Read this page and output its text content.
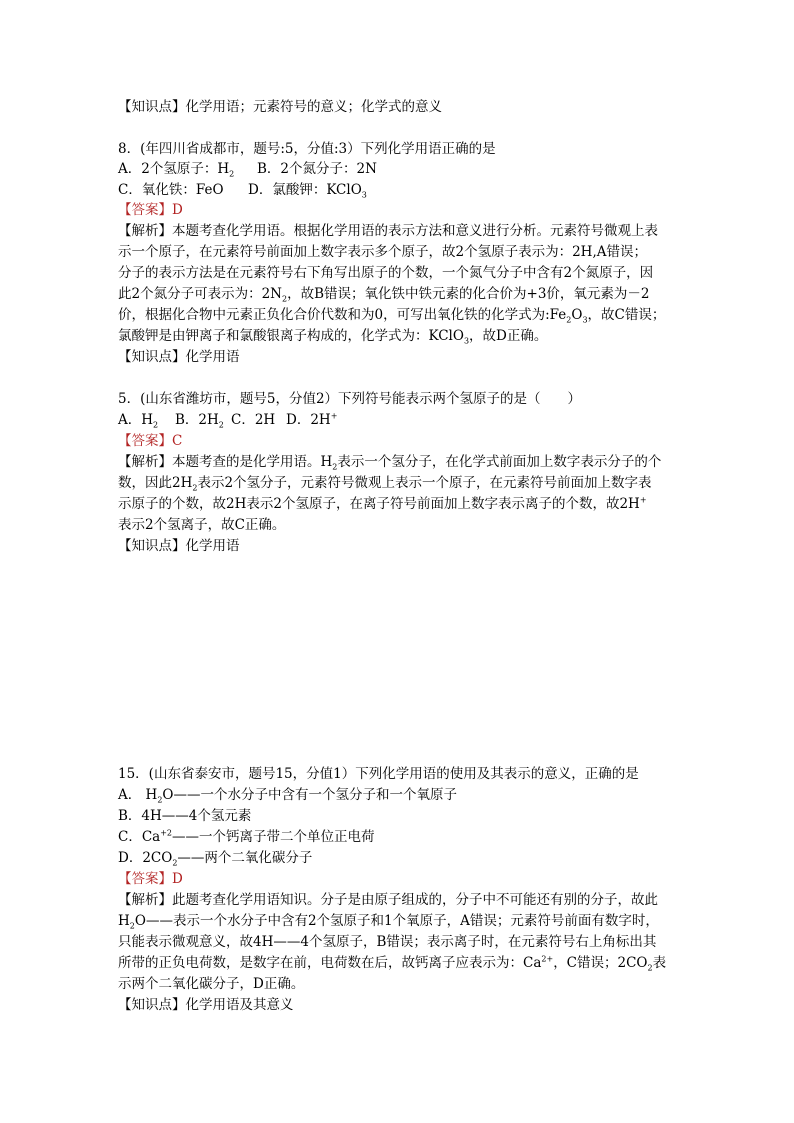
【知识点】化学用语；元素符号的意义；化学式的意义
8．(年四川省成都市，题号:5，分值:3）下列化学用语正确的是
A．2个氢原子：$H_2$ B．2个氮分子：2N
C．氧化铁：FeO D．氯酸钾：KClO$_3$
【答案】D
【解析】本题考查化学用语。根据化学用语的表示方法和意义进行分析。元素符号微观上表
示一个原子，在元素符号前面加上数字表示多个原子，故2个氢原子表示为：2H,A错误；
分子的表示方法是在元素符号右下角写出原子的个数，一个氮气分子中含有2个氮原子，因
此2个氮分子可表示为：$2N_2$，故B错误；氧化铁中铁元素的化合价为+3价，氧元素为－2
价，根据化合物中元素正负化合价代数和为0，可写出氧化铁的化学式为$:Fe_2O_3$，故C错误；
氯酸钾是由钾离子和氯酸银离子构成的，化学式为：KClO$_3$，故D正确。
【知识点】化学用语
5．(山东省潍坊市，题号5，分值2）下列符号能表示两个氢原子的是（　　）
A．$H_2$ B．$2H_2$ C．2H D．2H+
【答案】C
【解析】本题考查的是化学用语。$H_2$表示一个氢分子，在化学式前面加上数字表示分子的个
数，因此$2H_2$表示2个氢分子，元素符号微观上表示一个原子，在元素符号前面加上数字表
示原子的个数，故2H表示2个氢原子，在离子符号前面加上数字表示离子的个数，故2H+
表示2个氢离子，故C正确。
【知识点】化学用语
15．(山东省泰安市，题号15，分值1）下列化学用语的使用及其表示的意义，正确的是
A． $H_2O——$一个水分子中含有一个氢分子和一个氧原子
B．4H——4个氢元素
C．$Ca^{+2}——$一个钙离子带二个单位正电荷
D．$2CO_2——$两个二氧化碳分子
【答案】D
【解析】此题考查化学用语知识。分子是由原子组成的，分子中不可能还有别的分子，故此
$H_2O——$表示一个水分子中含有2个氢原子和1个氧原子，A错误；元素符号前面有数字时，
只能表示微观意义，故4H——4个氢原子，B错误；表示离子时，在元素符号右上角标出其
所带的正负电荷数，是数字在前，电荷数在后，故钙离子应表示为：$Ca^{2+}$，C错误；$2CO_2$表
示两个二氧化碳分子，D正确。
【知识点】化学用语及其意义
